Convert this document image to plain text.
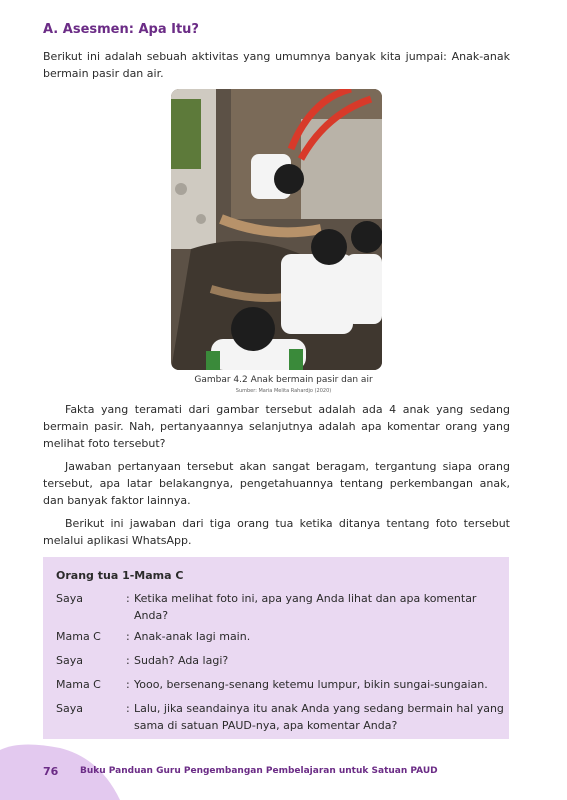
A. Asesmen: Apa Itu?

Berikut ini adalah sebuah aktivitas yang umumnya banyak kita jumpai: Anak-anak bermain pasir dan air.

Gambar 4.2 Anak bermain pasir dan air
Sumber: Maria Melita Rahardjo (2020)

Fakta yang teramati dari gambar tersebut adalah ada 4 anak yang sedang bermain pasir. Nah, pertanyaannya selanjutnya adalah apa komentar orang yang melihat foto tersebut?

Jawaban pertanyaan tersebut akan sangat beragam, tergantung siapa orang tersebut, apa latar belakangnya, pengetahuannya tentang perkembangan anak, dan banyak faktor lainnya.

Berikut ini jawaban dari tiga orang tua ketika ditanya tentang foto tersebut melalui aplikasi WhatsApp.

Orang tua 1-Mama C
Saya	: Ketika melihat foto ini, apa yang Anda lihat dan apa komentar Anda?
Mama C	: Anak-anak lagi main.
Saya	: Sudah? Ada lagi?
Mama C	: Yooo, bersenang-senang ketemu lumpur, bikin sungai-sungaian.
Saya	: Lalu, jika seandainya itu anak Anda yang sedang bermain hal yang sama di satuan PAUD-nya, apa komentar Anda?
76 Buku Panduan Guru Pengembangan Pembelajaran untuk Satuan PAUD
